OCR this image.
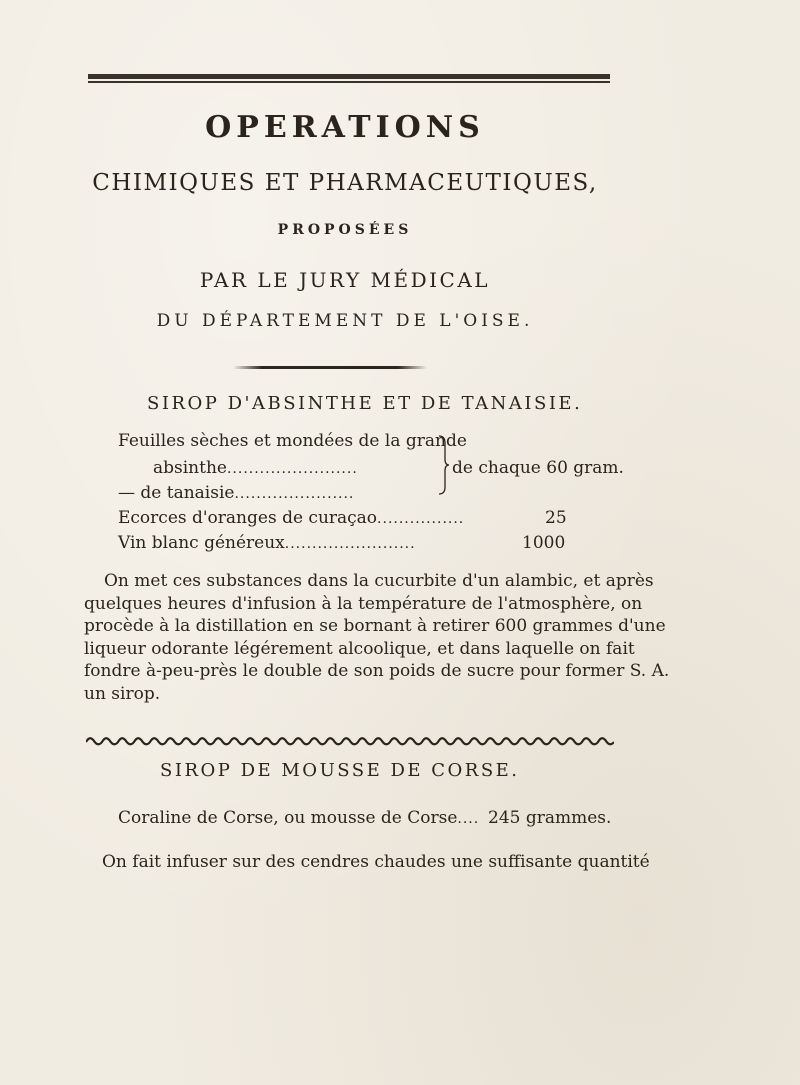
OPERATIONS
CHIMIQUES ET PHARMACEUTIQUES,
PROPOSÉES
PAR LE JURY MÉDICAL
DU DÉPARTEMENT DE L'OISE.
SIROP D'ABSINTHE ET DE TANAISIE.
Feuilles sèches et mondées de la grande
absinthe........................
— de tanaisie......................
de chaque 60 gram.
Ecorces d'oranges de curaçao................	25
Vin blanc généreux........................	1000
On met ces substances dans la cucurbite d'un alambic, et après
quelques heures d'infusion à la température de l'atmosphère, on
procède à la distillation en se bornant à retirer 600 grammes d'une
liqueur odorante légérement alcoolique, et dans laquelle on fait
fondre à-peu-près le double de son poids de sucre pour former S. A.
un sirop.
SIROP DE MOUSSE DE CORSE.
Coraline de Corse, ou mousse de Corse.... 245 grammes.
On fait infuser sur des cendres chaudes une suffisante quantité
